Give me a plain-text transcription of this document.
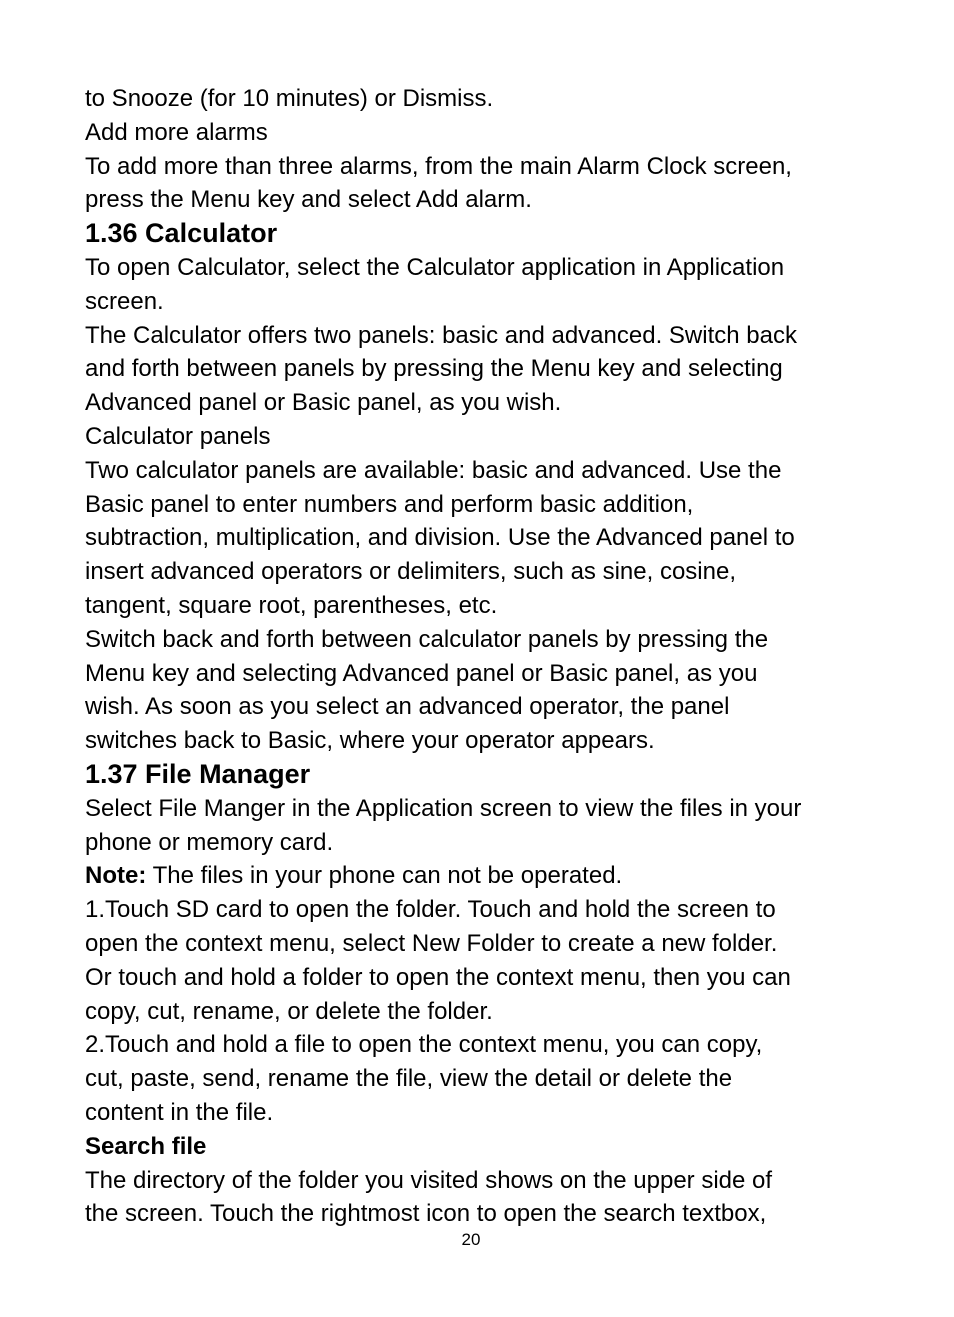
to Snooze (for 10 minutes) or Dismiss.
Add more alarms
To add more than three alarms, from the main Alarm Clock screen,
press the Menu key and select Add alarm.
1.36 Calculator
To open Calculator, select the Calculator application in Application
screen.
The Calculator offers two panels: basic and advanced. Switch back
and forth between panels by pressing the Menu key and selecting
Advanced panel or Basic panel, as you wish.
Calculator panels
Two calculator panels are available: basic and advanced. Use the
Basic panel to enter numbers and perform basic addition,
subtraction, multiplication, and division. Use the Advanced panel to
insert advanced operators or delimiters, such as sine, cosine,
tangent, square root, parentheses, etc.
Switch back and forth between calculator panels by pressing the
Menu key and selecting Advanced panel or Basic panel, as you
wish. As soon as you select an advanced operator, the panel
switches back to Basic, where your operator appears.
1.37 File Manager
Select File Manger in the Application screen to view the files in your
phone or memory card.
Note: The files in your phone can not be operated.
1.Touch SD card to open the folder. Touch and hold the screen to
open the context menu, select New Folder to create a new folder.
Or touch and hold a folder to open the context menu, then you can
copy, cut, rename, or delete the folder.
2.Touch and hold a file to open the context menu, you can copy,
cut, paste, send, rename the file, view the detail or delete the
content in the file.
Search file
The directory of the folder you visited shows on the upper side of
the screen. Touch the rightmost icon to open the search textbox,
20
